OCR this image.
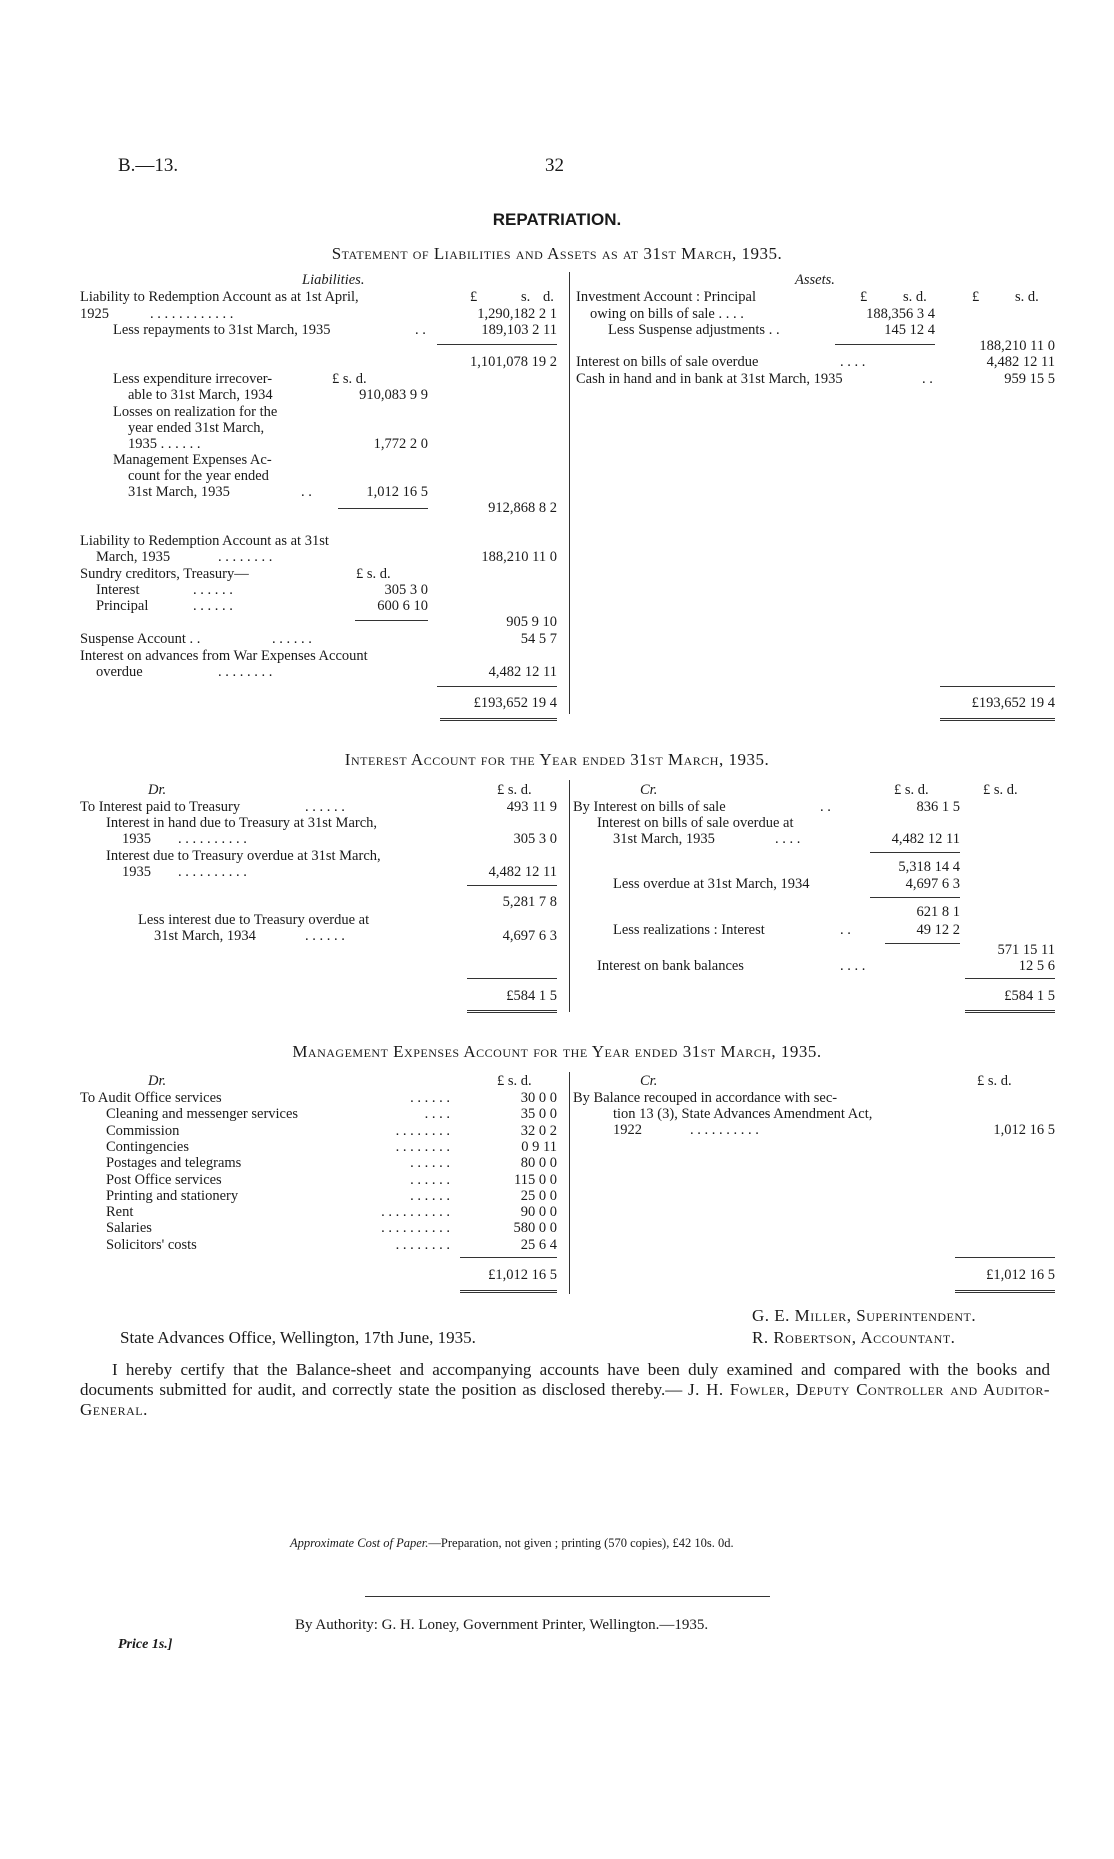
B.—13.	32
REPATRIATION.
Statement of Liabilities and Assets as at 31st March, 1935.
Liabilities.	Assets.
£	s. d.
Liability to Redemption Account as at 1st April,
1925	. . . . . . . . . . . .	1,290,182 2 1
Less repayments to 31st March, 1935	. .	189,103 2 11
1,101,078 19 2
Less expenditure irrecover-	£ s. d.
able to 31st March, 1934	910,083 9 9
Losses on realization for the
year ended 31st March,
1935 . . . . . .	1,772 2 0
Management Expenses Ac-
count for the year ended
31st March, 1935	. .	1,012 16 5
912,868 8 2
Liability to Redemption Account as at 31st
March, 1935	. . . . . . . .	188,210 11 0
Sundry creditors, Treasury—	£ s. d.
Interest	. . . . . .	305 3 0
Principal	. . . . . .	600 6 10
905 9 10
Suspense Account . .	. . . . . .	54 5 7
Interest on advances from War Expenses Account
overdue	. . . . . . . .	4,482 12 11
£193,652 19 4
£ s. d.	£ s. d.
Investment Account : Principal
owing on bills of sale . . . .	188,356 3 4
Less Suspense adjustments . .	145 12 4
188,210 11 0
Interest on bills of sale overdue	. . . .	4,482 12 11
Cash in hand and in bank at 31st March, 1935	. .	959 15 5
£193,652 19 4
Interest Account for the Year ended 31st March, 1935.
Dr.	Cr.
£ s. d.	£ s. d.	£ s. d.
To Interest paid to Treasury	. . . . . .	493 11 9
Interest in hand due to Treasury at 31st March,
1935 . . . . . . . . . .	305 3 0
Interest due to Treasury overdue at 31st March,
1935 . . . . . . . . . .	4,482 12 11
5,281 7 8
Less interest due to Treasury overdue at
31st March, 1934	. . . . . .	4,697 6 3
£584 1 5
By Interest on bills of sale	. .	836 1 5
Interest on bills of sale overdue at
31st March, 1935	. . . .	4,482 12 11
5,318 14 4
Less overdue at 31st March, 1934	4,697 6 3
621 8 1
Less realizations : Interest	. .	49 12 2
571 15 11
Interest on bank balances	. . . .	12 5 6
£584 1 5
Management Expenses Account for the Year ended 31st March, 1935.
Dr.	Cr.
£ s. d.	£ s. d.
To Audit Office services	. . . . . .	30 0 0
Cleaning and messenger services	. . . .	35 0 0
Commission	. . . . . . . .	32 0 2
Contingencies	. . . . . . . .	0 9 11
Postages and telegrams	. . . . . .	80 0 0
Post Office services	. . . . . .	115 0 0
Printing and stationery	. . . . . .	25 0 0
Rent	. . . . . . . . . .	90 0 0
Salaries	. . . . . . . . . .	580 0 0
Solicitors' costs	. . . . . . . .	25 6 4
£1,012 16 5
By Balance recouped in accordance with sec-
tion 13 (3), State Advances Amendment Act,
1922	. . . . . . . . . .	1,012 16 5
£1,012 16 5
G. E. Miller, Superintendent.
State Advances Office, Wellington, 17th June, 1935.	R. Robertson, Accountant.
I hereby certify that the Balance-sheet and accompanying accounts have been duly examined and compared with the books and documents submitted for audit, and correctly state the position as disclosed thereby.— J. H. Fowler, Deputy Controller and Auditor-General.
Approximate Cost of Paper.—Preparation, not given ; printing (570 copies), £42 10s. 0d.
By Authority: G. H. Loney, Government Printer, Wellington.—1935.
Price 1s.]
